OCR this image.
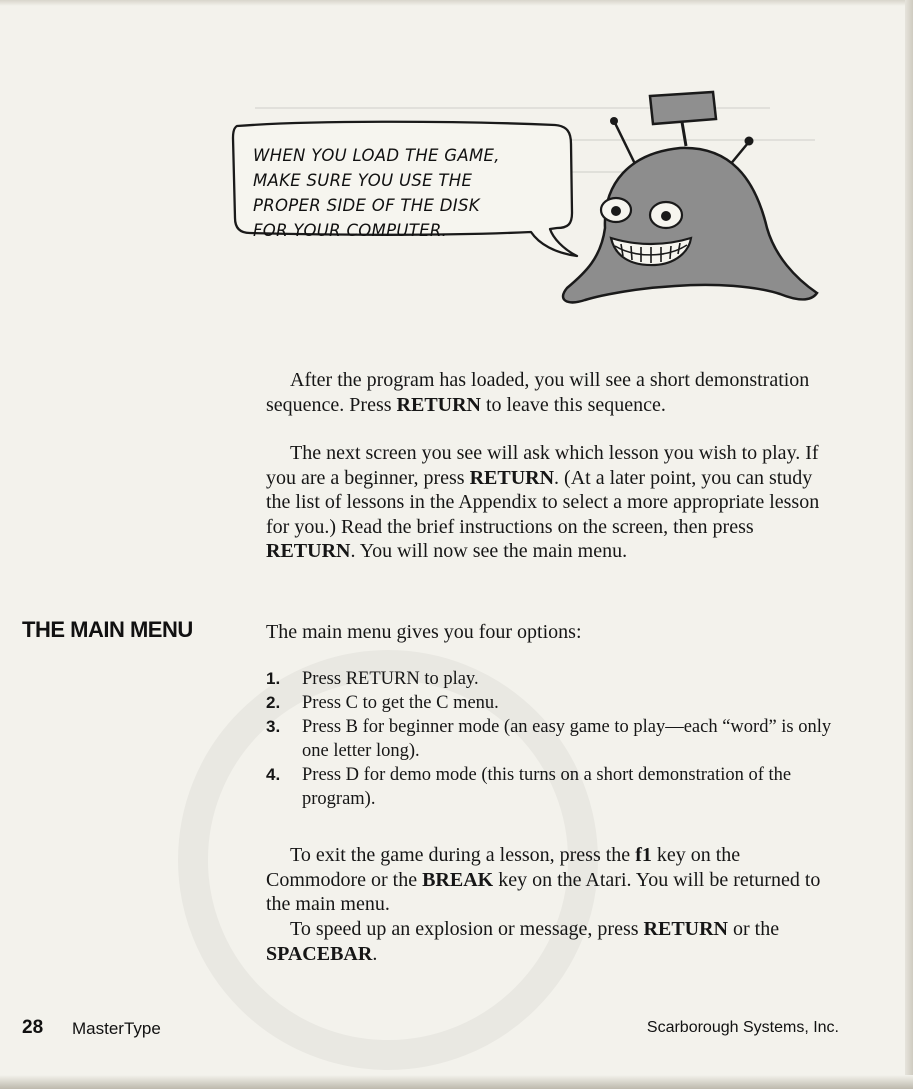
WHEN YOU LOAD THE GAME,
MAKE SURE YOU USE THE
PROPER SIDE OF THE DISK
FOR YOUR COMPUTER.

After the program has loaded, you will see a short demonstration sequence. Press RETURN to leave this sequence.

The next screen you see will ask which lesson you wish to play. If you are a beginner, press RETURN. (At a later point, you can study the list of lessons in the Appendix to select a more appropriate lesson for you.) Read the brief instructions on the screen, then press RETURN. You will now see the main menu.

THE MAIN MENU	The main menu gives you four options:

1. Press RETURN to play.
2. Press C to get the C menu.
3. Press B for beginner mode (an easy game to play—each “word” is only one letter long).
4. Press D for demo mode (this turns on a short demonstration of the program).

To exit the game during a lesson, press the f1 key on the Commodore or the BREAK key on the Atari. You will be returned to the main menu.

To speed up an explosion or message, press RETURN or the SPACEBAR.

28 MasterType	Scarborough Systems, Inc.
